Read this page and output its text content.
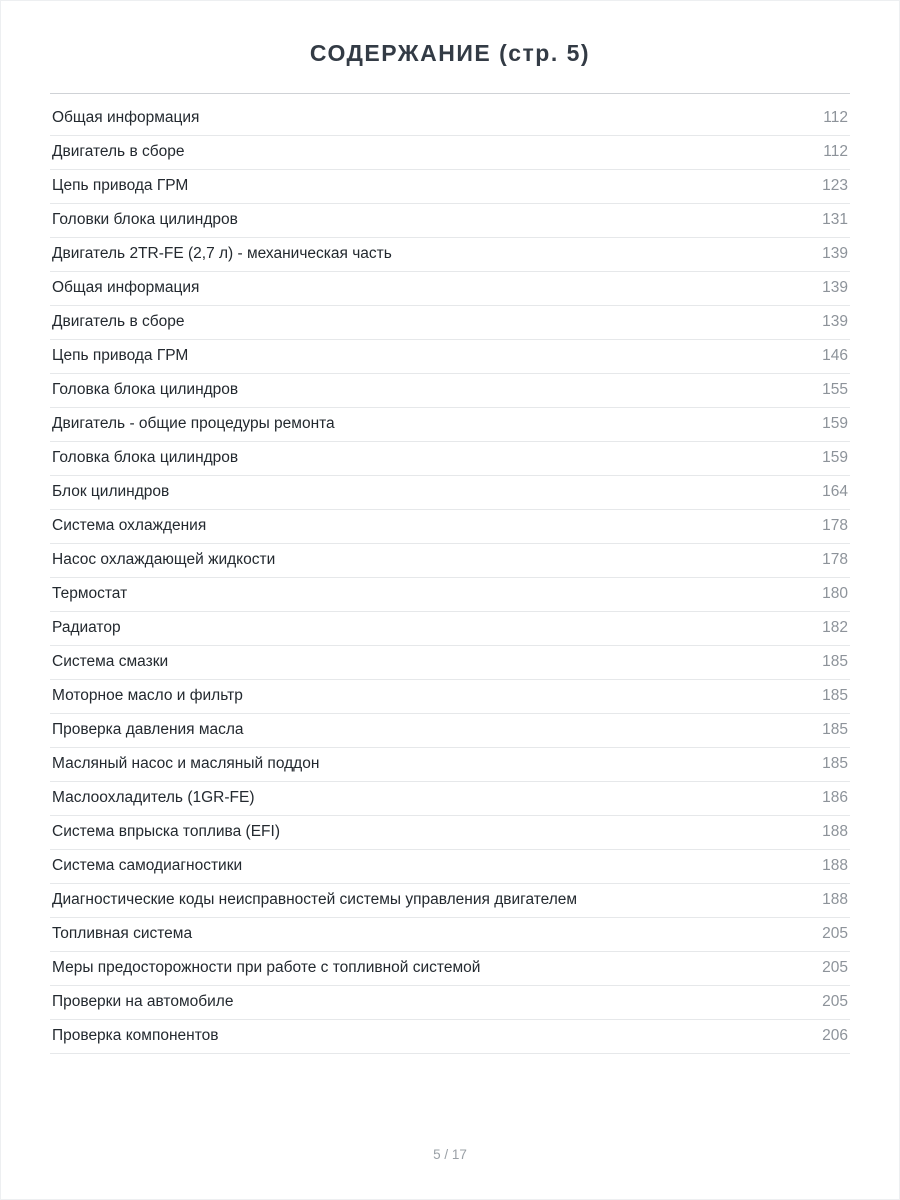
СОДЕРЖАНИЕ (стр. 5)
Общая информация	112
Двигатель в сборе	112
Цепь привода ГРМ	123
Головки блока цилиндров	131
Двигатель 2TR-FE (2,7 л) - механическая часть	139
Общая информация	139
Двигатель в сборе	139
Цепь привода ГРМ	146
Головка блока цилиндров	155
Двигатель - общие процедуры ремонта	159
Головка блока цилиндров	159
Блок цилиндров	164
Система охлаждения	178
Насос охлаждающей жидкости	178
Термостат	180
Радиатор	182
Система смазки	185
Моторное масло и фильтр	185
Проверка давления масла	185
Масляный насос и масляный поддон	185
Маслоохладитель (1GR-FE)	186
Система впрыска топлива (EFI)	188
Система самодиагностики	188
Диагностические коды неисправностей системы управления двигателем	188
Топливная система	205
Меры предосторожности при работе с топливной системой	205
Проверки на автомобиле	205
Проверка компонентов	206
5 / 17
